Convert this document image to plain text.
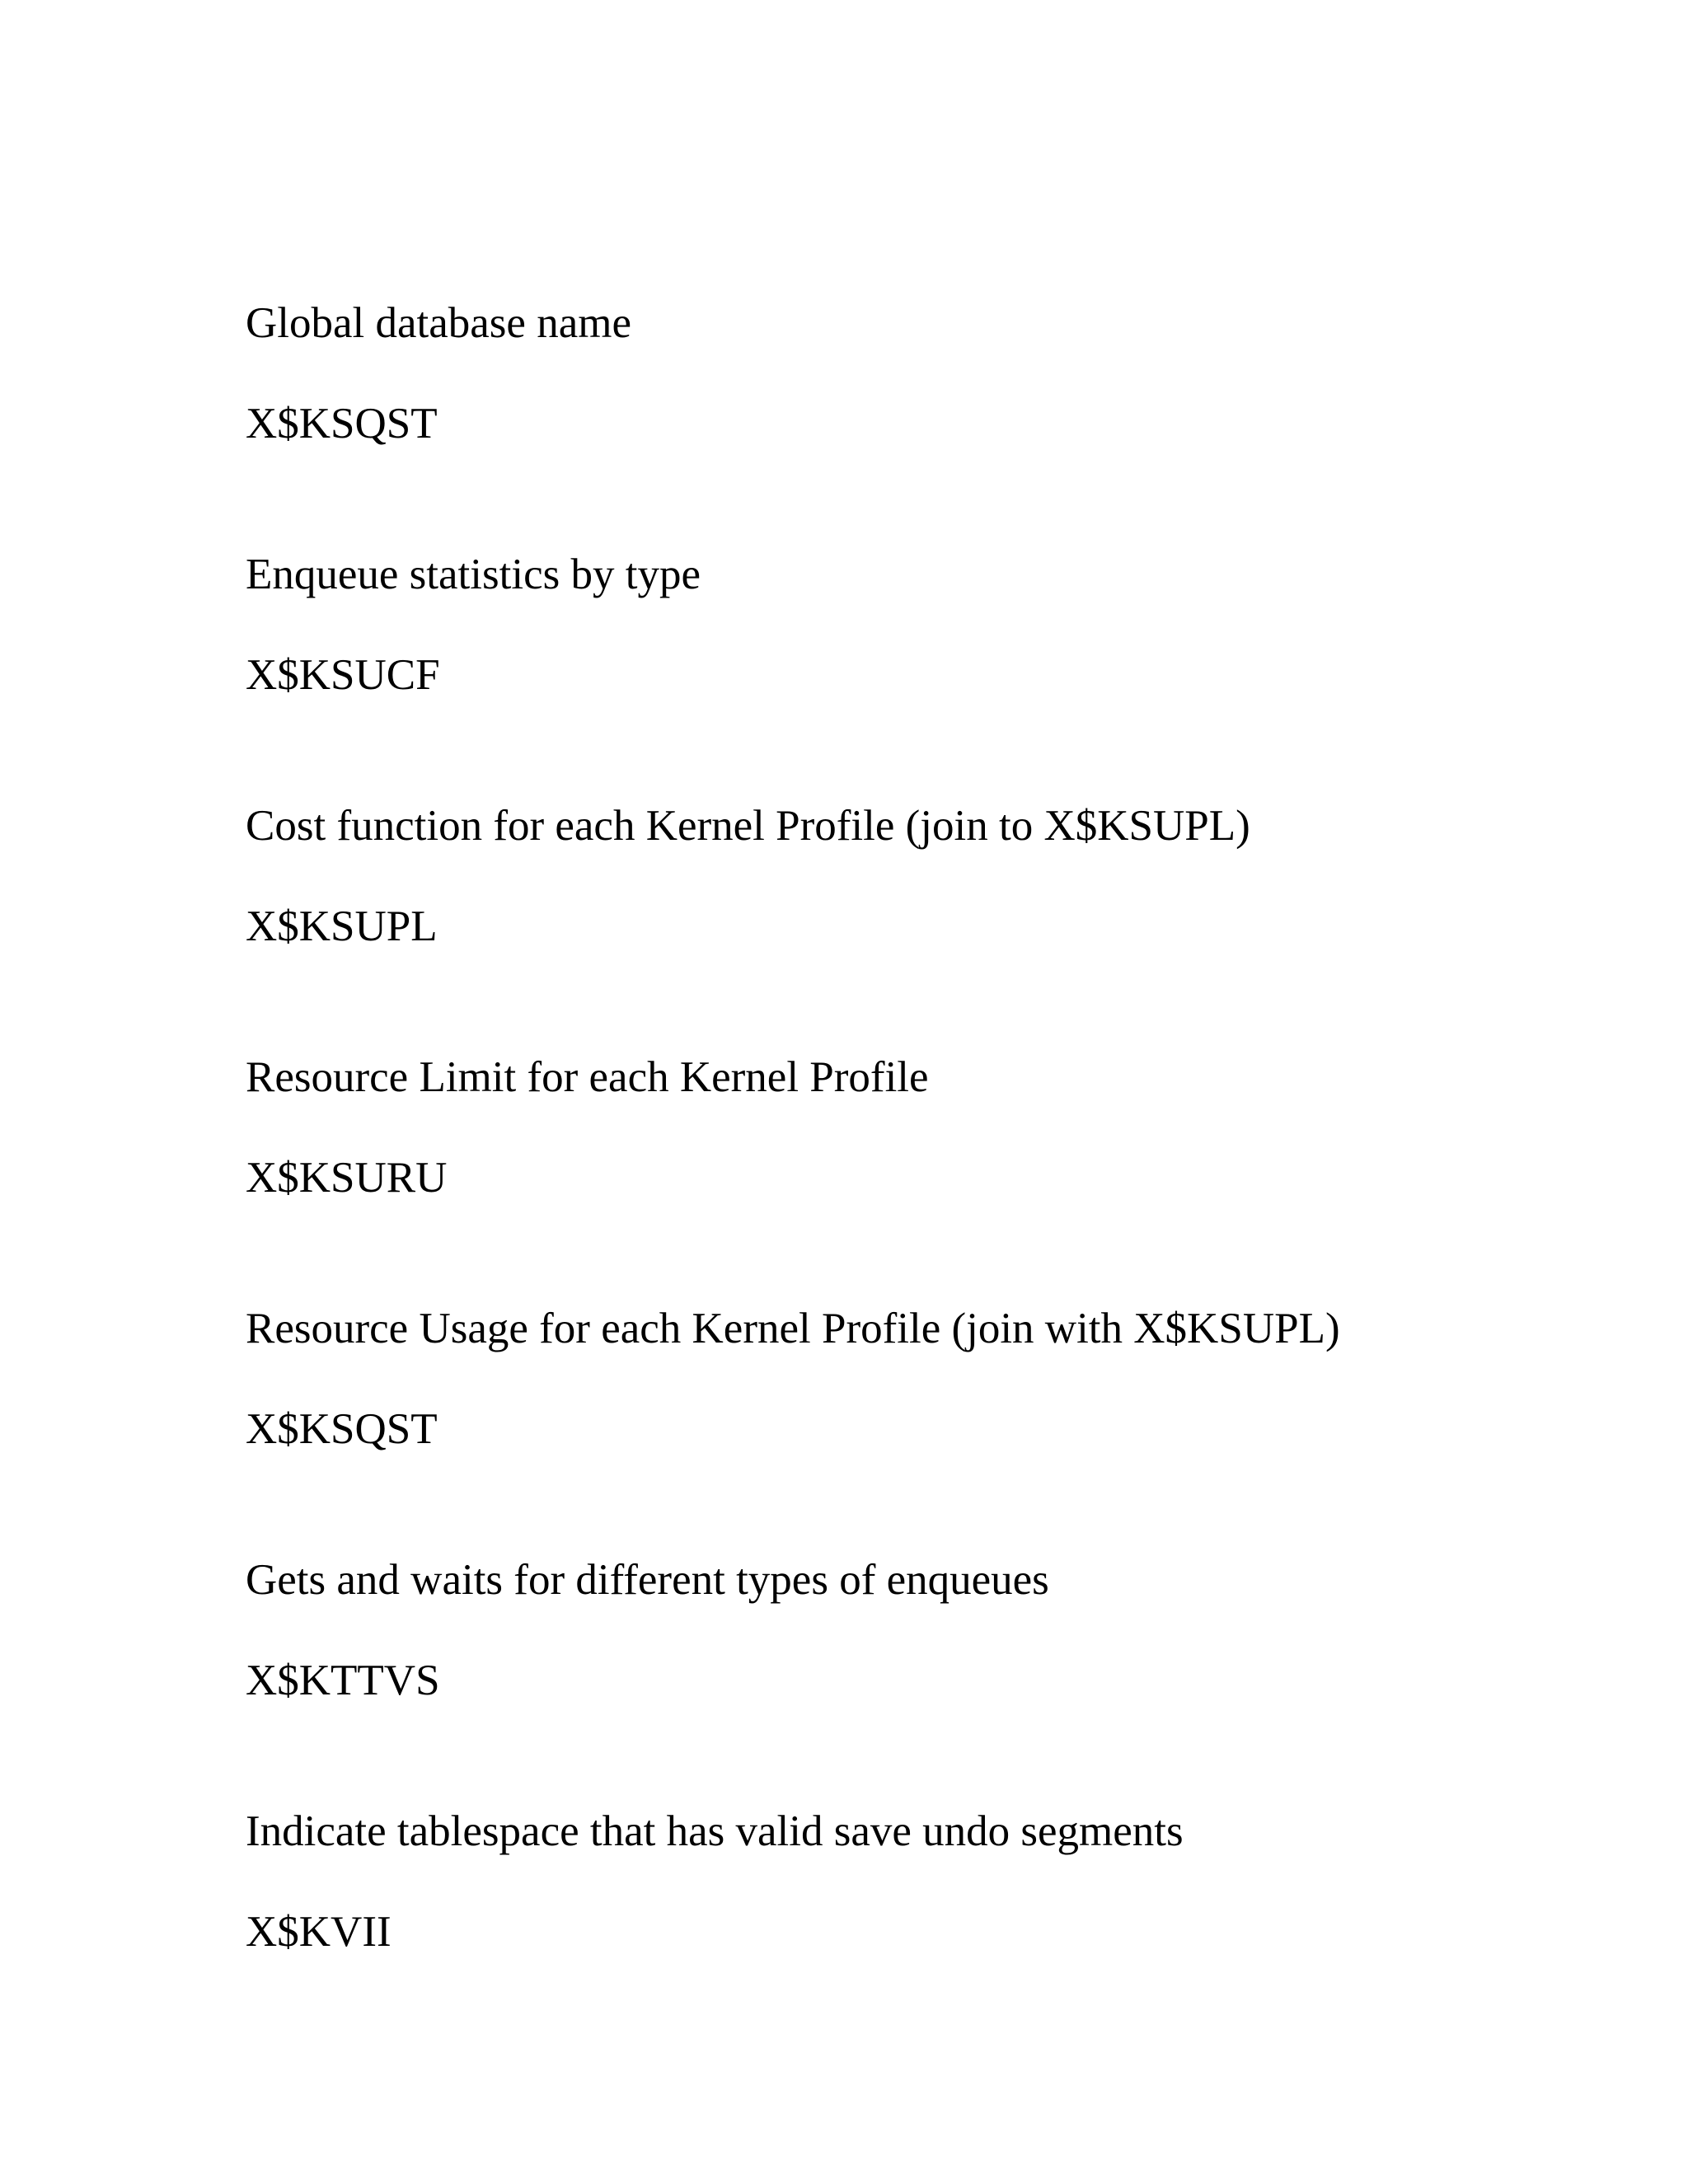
Global database name

X$KSQST

Enqueue statistics by type

X$KSUCF

Cost function for each Kernel Profile (join to X$KSUPL)

X$KSUPL

Resource Limit for each Kernel Profile

X$KSURU

Resource Usage for each Kernel Profile (join with X$KSUPL)

X$KSQST

Gets and waits for different types of enqueues

X$KTTVS

Indicate tablespace that has valid save undo segments

X$KVII
